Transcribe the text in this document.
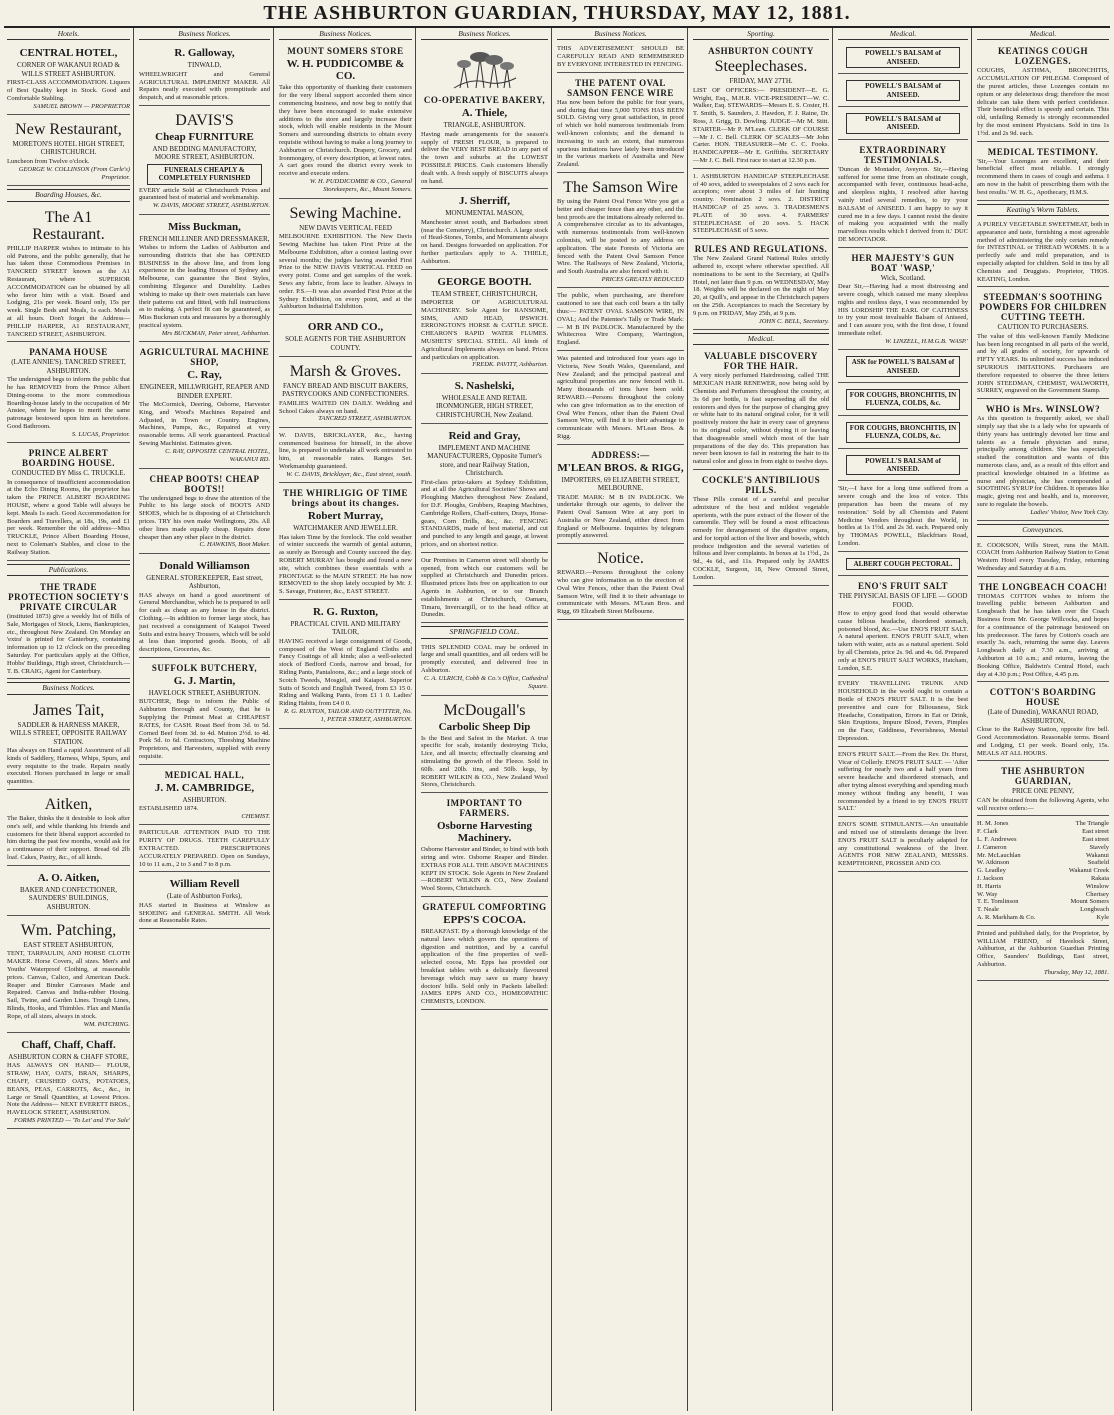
THE ASHBURTON GUARDIAN, THURSDAY, MAY 12, 1881.
Hotels.
CENTRAL HOTEL,
CORNER OF WAKANUI ROAD & WILLS STREET ASHBURTON.
FIRST-CLASS ACCOMMODATION. Liquors of Best Quality kept in Stock. Good and Comfortable Stabling.
SAMUEL BROWN — PROPRIETOR
New Restaurant,
MORETON'S HOTEL HIGH STREET, CHRISTCHURCH.
Luncheon from Twelve o'clock.
GEORGE W. COLLINSON (From Carle's) Proprietor.
Boarding Houses, &c.
The A1 Restaurant.
PHILLIP HARPER wishes to intimate to his old Patrons, and the public generally, that he has taken those Commodious Premises in TANCRED STREET known as the A1 Restaurant, where SUPERIOR ACCOMMODATION can be obtained by all who favor him with a visit. Board and Lodging, 21s per week. Board only, 15s per week. Single Beds and Meals, 1s each. Meals at all hours. Don't forget the Address— PHILLIP HARPER, A1 RESTAURANT, TANCRED STREET, ASHBURTON.
PANAMA HOUSE
(LATE ANNIE'S). TANCRED STREET, ASHBURTON.
The undersigned begs to inform the public that he has REMOVED from the Prince Albert Dining-rooms to the more commodious Boarding-house lately in the occupation of Mr Anstee, where he hopes to merit the same patronage bestowed upon him as heretofore. Good Bathroom.
S. LUCAS, Proprietor.
PRINCE ALBERT BOARDING HOUSE.
CONDUCTED BY Miss C. TRUCKLE.
In consequence of insufficient accommodation at the Echo Dining Rooms, the proprietor has taken the PRINCE ALBERT BOARDING HOUSE, where a good Table will always be kept. Meals 1s each. Good Accommodation for Boarders and Travellers, at 18s, 19s, and £1 per week. Remember the old address—Miss TRUCKLE, Prince Albert Boarding House, next to Coleman's Stables, and close to the Railway Station.
Publications.
THE TRADE PROTECTION SOCIETY'S PRIVATE CIRCULAR
(instituted 1873) give a weekly list of Bills of Sale, Mortgages of Stock, Liens, Bankruptcies, etc., throughout New Zealand. On Monday an 'extra' is printed for Canterbury, containing information up to 12 o'clock on the preceding Saturday. For particulars apply at the Office, Hobbs' Buildings, High street, Christchurch.— T. B. CRAIG, Agent for Canterbury.
Business Notices.
James Tait,
SADDLER & HARNESS MAKER, WILLS STREET, OPPOSITE RAILWAY STATION.
Has always on Hand a rapid Assortment of all kinds of Saddlery, Harness, Whips, Spurs, and every requisite to the trade. Repairs neatly executed. Horses purchased in large or small quantities.
Aitken,
The Baker, thinks the it desirable to look after one's self, and while thanking his friends and customers for their liberal support accorded to him during the past few months, would ask for a continuance of their support. Bread 6d 2lb loaf. Cakes, Pastry, &c., of all kinds.
A. O. Aitken,
BAKER AND CONFECTIONER, SAUNDERS' BUILDINGS, ASHBURTON.
Wm. Patching,
EAST STREET ASHBURTON,
TENT, TARPAULIN, AND HORSE CLOTH MAKER. Horse Covers, all sizes. Men's and Youths' Waterproof Clothing, at reasonable prices. Canvas, Calico, and American Duck. Reaper and Binder Canvases Made and Repaired. Canvas and India-rubber Hosing. Sail, Twine, and Garden Lines. Trough Lines, Blinds, Hooks, and Thimbles. Flax and Manila Rope, of all sizes, always in stock.
WM. PATCHING.
Chaff, Chaff, Chaff.
ASHBURTON CORN & CHAFF STORE,
HAS ALWAYS ON HAND— FLOUR, STRAW, HAY, OATS, BRAN, SHARPS, CHAFF, CRUSHED OATS, POTATOES, BEANS, PEAS, CARROTS, &c., &c., in Large or Small Quantities, at Lowest Prices. Note the Address— NEXT EVERETT BROS., HAVELOCK STREET, ASHBURTON.
FORMS PRINTED — 'To Let' and 'For Sale'
Business Notices.
R. Galloway,
TINWALD,
WHEELWRIGHT and General AGRICULTURAL IMPLEMENT MAKER. All Repairs neatly executed with promptitude and despatch, and at reasonable prices.
DAVIS'S
Cheap FURNITURE
AND BEDDING MANUFACTORY, MOORE STREET, ASHBURTON.
FUNERALS CHEAPLY & COMPLETELY FURNISHED
EVERY article Sold at Christchurch Prices and guaranteed best of material and workmanship.
W. DAVIS, MOORE STREET, ASHBURTON.
Miss Buckman,
FRENCH MILLINER AND DRESSMAKER,
Wishes to inform the Ladies of Ashburton and surrounding districts that she has OPENED BUSINESS in the above line, and from long experience in the leading Houses of Sydney and Melbourne, can guarantee the Best Styles, combining Elegance and Durability. Ladies wishing to make up their own materials can have their patterns cut and fitted, with full instructions as to making. A perfect fit can be guaranteed, as Miss Buckman cuts and measures by a thoroughly practical system.
Mrs BUCKMAN, Peter street, Ashburton.
AGRICULTURAL MACHINE SHOP,
C. Ray,
ENGINEER, MILLWRIGHT, REAPER AND BINDER EXPERT.
The McCormick, Deering, Osborne, Harvester King, and Wood's Machines Repaired and Adjusted, in Town or Country. Engines, Machines, Pumps, &c., Repaired at very reasonable terms. All work guaranteed. Practical Sewing Machinist. Estimates given.
C. RAY, OPPOSITE CENTRAL HOTEL, WAKANUI RD.
CHEAP BOOTS! CHEAP BOOTS!!
The undersigned begs to draw the attention of the Public to his large stock of BOOTS AND SHOES, which he is disposing of at Christchurch prices. TRY his own make Wellingtons, 20s. All other lines made equally cheap. Repairs done cheaper than any other place in the district.
C. HAWKINS, Boot Maker.
Donald Williamson
GENERAL STOREKEEPER, East street, Ashburton,
HAS always on hand a good assortment of General Merchandise, which he is prepared to sell for cash as cheap as any house in the district. Clothing.—In addition to former large stock, has just received a consignment of Kaiapoi Tweed Suits and extra heavy Trousers, which will be sold at less than imported goods. Boots, of all descriptions, Groceries, &c.
SUFFOLK BUTCHERY,
G. J. Martin,
HAVELOCK STREET, ASHBURTON.
BUTCHER, Begs to inform the Public of Ashburton Borough and County, that he is Supplying the Primest Meat at CHEAPEST RATES, for CASH. Roast Beef from 3d. to 5d. Corned Beef from 3d. to 4d. Mutton 2½d. to 4d. Pork 5d. to 6d. Contractors, Threshing Machine Proprietors, and Harvesters, supplied with every requisite.
MEDICAL HALL,
J. M. CAMBRIDGE,
ASHBURTON.
ESTABLISHED 1874.
CHEMIST.
PARTICULAR ATTENTION PAID TO THE PURITY OF DRUGS. TEETH CAREFULLY EXTRACTED. PRESCRIPTIONS ACCURATELY PREPARED. Open on Sundays, 10 to 11 a.m., 2 to 3 and 7 to 8 p.m.
William Revell
(Late of Ashburton Forks),
HAS started in Business at Winslow as SHOEING and GENERAL SMITH. All Work done at Reasonable Rates.
Business Notices.
MOUNT SOMERS STORE
W. H. PUDDICOMBE & CO.
Take this opportunity of thanking their customers for the very liberal support accorded them since commencing business, and now beg to notify that they have been encouraged to make extensive additions to the store and largely increase their stock, which will enable residents in the Mount Somers and surrounding districts to obtain every requisite without having to make a long journey to Ashburton or Christchurch. Drapery, Grocery, and Ironmongery, of every description, at lowest rates. A cart goes round the district every week to receive and execute orders.
W. H. PUDDICOMBE & CO., General Storekeepers, &c., Mount Somers.
Sewing Machine.
NEW DAVIS VERTICAL FEED
MELBOURNE EXHIBITION. The New Davis Sewing Machine has taken First Prize at the Melbourne Exhibition, after a contest lasting over several months; the judges having awarded First Prize to the NEW DAVIS VERTICAL FEED on every point. Come and get samples of the work. Sews any fabric, from lace to leather. Always in order. P.S.—It was also awarded First Prize at the Sydney Exhibition, on every point, and at the Ashburton Industrial Exhibition.
ORR AND CO.,
SOLE AGENTS FOR THE ASHBURTON COUNTY.
Marsh & Groves.
FANCY BREAD AND BISCUIT BAKERS, PASTRYCOOKS AND CONFECTIONERS.
FAMILIES WAITED ON DAILY. Wedding and School Cakes always on hand.
TANCRED STREET, ASHBURTON.
W. DAVIS, BRICKLAYER, &c., having commenced business for himself, in the above line, is prepared to undertake all work entrusted to him, at reasonable rates. Ranges Set. Workmanship guaranteed.
W. C. DAVIS, Bricklayer, &c., East street, south.
THE WHIRLIGIG OF TIME brings about its changes.
Robert Murray,
WATCHMAKER AND JEWELLER.
Has taken Time by the forelock. The cold weather of winter succeeds the warmth of genial autumn, as surely as Borough and County succeed the day. ROBERT MURRAY has bought and found a new site, which combines these essentials with a FRONTAGE to the MAIN STREET. He has now REMOVED to the shop lately occupied by Mr. J. S. Savage, Fruiterer, &c., EAST STREET.
R. G. Ruxton,
PRACTICAL CIVIL AND MILITARY TAILOR,
HAVING received a large consignment of Goods, composed of the West of England Cloths and Fancy Coatings of all kinds; also a well-selected stock of Bedford Cords, narrow and broad, for Riding Pants, Pantaloons, &c.; and a large stock of Scotch Tweeds, Mosgiel, and Kaiapoi. Superior Suits of Scotch and English Tweed, from £3 15 0. Riding and Walking Pants, from £1 1 0. Ladies' Riding Habits, from £4 0 0.
R. G. RUXTON, TAILOR AND OUTFITTER, No. 1, PETER STREET, ASHBURTON.
Business Notices.
CO-OPERATIVE BAKERY,
A. Thiele,
TRIANGLE, ASHBURTON.
Having made arrangements for the season's supply of FRESH FLOUR, is prepared to deliver the VERY BEST BREAD in any part of the town and suburbs at the LOWEST POSSIBLE PRICES. Cash customers liberally dealt with. A fresh supply of BISCUITS always on hand.
J. Sherriff,
MONUMENTAL MASON,
Manchester street south, and Barbadoes street (near the Cemetery), Christchurch. A large stock of Head-Stones, Tombs, and Monuments always on hand. Designs forwarded on application. For further particulars apply to A. THIELE, Ashburton.
GEORGE BOOTH.
TEAM STREET, CHRISTCHURCH,
IMPORTER OF AGRICULTURAL MACHINERY. Sole Agent for RANSOME, SIMS, AND HEAD, IPSWICH. ERRONGTON'S HORSE & CATTLE SPICE. CHEARON'S RAPID WATER FLUMES. MUSHETS' SPECIAL STEEL. All kinds of Agricultural Implements always on hand. Prices and particulars on application.
FREDK. PAVITT, Ashburton.
S. Nashelski,
WHOLESALE AND RETAIL IRONMONGER, HIGH STREET, CHRISTCHURCH, New Zealand.
Reid and Gray,
IMPLEMENT AND MACHINE MANUFACTURERS, Opposite Turner's store, and near Railway Station, Christchurch.
First-class prize-takers at Sydney Exhibition, and at all the Agricultural Societies' Shows and Ploughing Matches throughout New Zealand, for D.F. Ploughs, Grubbers, Reaping Machines, Cambridge Rollers, Chaff-cutters, Drays, Horse-gears, Corn Drills, &c., &c. FENCING STANDARDS, made of best material, and cut and punched to any length and gauge, at lowest prices, and on shortest notice.
Our Premises in Cameron street will shortly be opened, from which our customers will be supplied at Christchurch and Dunedin prices. Illustrated prices lists free on application to our Agents in Ashburton, or to our Branch establishments at Christchurch, Oamaru, Timaru, Invercargill, or to the head office at Dunedin.
SPRINGFIELD COAL.
THIS SPLENDID COAL may be ordered in large and small quantities, and all orders will be promptly executed, and delivered free in Ashburton.
C. A. ULRICH, Cobb & Co.'s Office, Cathedral Square.
McDougall's
Carbolic Sheep Dip
Is the Best and Safest in the Market. A true specific for scab, instantly destroying Ticks, Lice, and all insects; effectually cleansing and stimulating the growth of the Fleece. Sold in 60lb. and 20lb. tins, and 50lb. kegs, by ROBERT WILKIN & CO., New Zealand Wool Stores, Christchurch.
IMPORTANT TO FARMERS.
Osborne Harvesting Machinery.
Osborne Harvester and Binder, to bind with both string and wire. Osborne Reaper and Binder. EXTRAS FOR ALL THE ABOVE MACHINES KEPT IN STOCK. Sole Agents in New Zealand—ROBERT WILKIN & CO., New Zealand Wool Stores, Christchurch.
GRATEFUL COMFORTING
EPPS'S COCOA.
BREAKFAST. By a thorough knowledge of the natural laws which govern the operations of digestion and nutrition, and by a careful application of the fine properties of well-selected cocoa, Mr. Epps has provided our breakfast tables with a delicately flavoured beverage which may save us many heavy doctors' bills. Sold only in Packets labelled: JAMES EPPS AND CO., HOMEOPATHIC CHEMISTS, LONDON.
Business Notices.
THIS ADVERTISEMENT SHOULD BE CAREFULLY READ AND REMEMBERED BY EVERYONE INTERESTED IN FENCING.
THE PATENT OVAL SAMSON FENCE WIRE
Has now been before the public for four years, and during that time 5,000 TONS HAS BEEN SOLD. Giving very great satisfaction, in proof of which we hold numerous testimonials from well-known colonists; and the demand is increasing to such an extent, that numerous spurious imitations have lately been introduced in the various markets of Australia and New Zealand.
The Samson Wire
By using the Patent Oval Fence Wire you get a better and cheaper fence than any other, and the best proofs are the imitations already referred to. A comprehensive circular as to its advantages, with numerous testimonials from well-known colonists, will be posted to any address on application. The state Forests of Victoria are fenced with the Patent Oval Samson Fence Wire. The Railways of New Zealand, Victoria, and South Australia are also fenced with it.
PRICES GREATLY REDUCED
The public, when purchasing, are therefore cautioned to see that each coil bears a tin tally thus:— PATENT OVAL SAMSON WIRE, IN OVAL; And the Patentee's Tally or Trade Mark:— M B IN PADLOCK. Manufactured by the Whitecross Wire Company, Warrington, England.
Was patented and introduced four years ago in Victoria, New South Wales, Queensland, and New Zealand; and the principal pastoral and agricultural properties are now fenced with it. Many thousands of tons have been sold. REWARD.—Persons throughout the colony who can give information as to the erection of Oval Wire Fences, other than the Patent Oval Samson Wire, will find it to their advantage to communicate with Messrs. M'Lean Bros. & Rigg.
ADDRESS:—
M'LEAN BROS. & RIGG,
IMPORTERS, 69 ELIZABETH STREET, MELBOURNE.
TRADE MARK: M B IN PADLOCK. We undertake through our agents, to deliver the Patent Oval Samson Wire at any port in Australia or New Zealand, either direct from England or Melbourne. Inquiries by telegram promptly answered.
Notice.
REWARD.—Persons throughout the colony who can give information as to the erection of Oval Wire Fences, other than the Patent Oval Samson Wire, will find it to their advantage to communicate with Messrs. M'Lean Bros. and Rigg, 69 Elizabeth Street Melbourne.
Sporting.
ASHBURTON COUNTY
Steeplechases.
FRIDAY, MAY 27TH.
LIST OF OFFICERS:— PRESIDENT—E. G. Wright, Esq., M.H.R. VICE-PRESIDENT—W. C. Walker, Esq. STEWARDS—Messrs E. S. Coster, H. T. Smith, S. Saunders, J. Hawdon, F. J. Raine, Dr. Ross, J. Grigg, D. Dowling. JUDGE—Mr M. Stitt. STARTER—Mr P. M'Lean. CLERK OF COURSE—Mr J. C. Bell. CLERK OF SCALES—Mr John Carter. HON. TREASURER—Mr C. C. Fooks. HANDICAPPER—Mr E. Griffiths. SECRETARY—Mr J. C. Bell. First race to start at 12.30 p.m.
1. ASHBURTON HANDICAP STEEPLECHASE of 40 sovs, added to sweepstakes of 2 sovs each for acceptors; over about 3 miles of fair hunting country. Nomination 2 sovs. 2. DISTRICT HANDICAP of 25 sovs. 3. TRADESMEN'S PLATE of 30 sovs. 4. FARMERS' STEEPLECHASE of 20 sovs. 5. HACK STEEPLECHASE of 5 sovs.
RULES AND REGULATIONS.
The New Zealand Grand National Rules strictly adhered to, except where otherwise specified. All nominations to be sent to the Secretary, at Quill's Hotel, not later than 9 p.m. on WEDNESDAY, May 18. Weights will be declared on the night of May 20, at Quill's, and appear in the Christchurch papers on the 25th. Acceptances to reach the Secretary by 9 p.m. on FRIDAY, May 25th, at 9 p.m.
JOHN C. BELL, Secretary.
Medical.
VALUABLE DISCOVERY FOR THE HAIR.
A very nicely perfumed Hairdressing, called THE MEXICAN HAIR RENEWER, now being sold by Chemists and Perfumers throughout the country, at 3s 6d per bottle, is fast superseding all the old restorers and dyes for the purpose of changing grey or white hair to its natural original color, for it will positively restore the hair in every case of greyness to its original color, without dyeing it or leaving that disagreeable smell which most of the hair preparations of the day do. This preparation has never been known to fail in restoring the hair to its natural color and gloss in from eight to twelve days.
COCKLE'S ANTIBILIOUS PILLS.
These Pills consist of a careful and peculiar admixture of the best and mildest vegetable aperients, with the pure extract of the flower of the camomile. They will be found a most efficacious remedy for derangement of the digestive organs, and for torpid action of the liver and bowels, which produce indigestion and the several varieties of bilious and liver complaints. In boxes at 1s 1½d., 2s 9d., 4s 6d., and 11s. Prepared only by JAMES COCKLE, Surgeon, 18, New Ormond Street, London.
Medical.
POWELL'S BALSAM of ANISEED.
POWELL'S BALSAM of ANISEED.
POWELL'S BALSAM of ANISEED.
EXTRAORDINARY TESTIMONIALS.
'Duncan de Montador, Aveyron. Sir,—Having suffered for some time from an obstinate cough, accompanied with fever, continuous head-ache, and sleepless nights, I resolved after having vainly tried several remedies, to try your BALSAM of ANISEED. I am happy to say it cured me in a few days. I cannot resist the desire of making you acquainted with the really marvellous results which I derived from it.' DUC DE MONTADOR.
HER MAJESTY'S GUN BOAT 'WASP,'
Wick, Scotland.
Dear Sir,—Having had a most distressing and severe cough, which caused me many sleepless nights and restless days, I was recommended by HIS LORDSHIP THE EARL OF CAITHNESS to try your most invaluable Balsam of Aniseed, and I can assure you, with the first dose, I found immediate relief.
W. LINZELL, H.M.G.B. 'WASP.'
ASK for POWELL'S BALSAM of ANISEED.
FOR COUGHS, BRONCHITIS, IN FLUENZA, COLDS, &c.
FOR COUGHS, BRONCHITIS, IN FLUENZA, COLDS, &c.
POWELL'S BALSAM of ANISEED.
'Sir,—I have for a long time suffered from a severe cough and the loss of voice. This preparation has been the means of my restoration.' Sold by all Chemists and Patent Medicine Vendors throughout the World, in bottles at 1s 1½d. and 2s 3d. each. Prepared only by THOMAS POWELL, Blackfriars Road, London.
ALBERT COUGH PECTORAL.
ENO'S FRUIT SALT
THE PHYSICAL BASIS OF LIFE — GOOD FOOD.
How to enjoy good food that would otherwise cause bilious headache, disordered stomach, poisoned blood, &c.—Use ENO'S FRUIT SALT. A natural aperient. ENO'S FRUIT SALT, when taken with water, acts as a natural aperient. Sold by all Chemists, price 2s. 9d. and 4s. 6d. Prepared only at ENO'S FRUIT SALT WORKS, Hatcham, London, S.E.
EVERY TRAVELLING TRUNK AND HOUSEHOLD in the world ought to contain a Bottle of ENO'S FRUIT SALT. It is the best preventive and cure for Biliousness, Sick Headache, Constipation, Errors in Eat or Drink, Skin Eruptions, Impure Blood, Fevers, Pimples on the Face, Giddiness, Feverishness, Mental Depression.
ENO'S FRUIT SALT.—From the Rev. Dr. Hurst, Vicar of Collerly. ENO'S FRUIT SALT. — 'After suffering for nearly two and a half years from severe headache and disordered stomach, and after trying almost everything and spending much money without finding any benefit, I was recommended by a friend to try ENO'S FRUIT SALT.'
ENO'S SOME STIMULANTS.—An unsuitable and mixed use of stimulants derange the liver. ENO'S FRUIT SALT is peculiarly adapted for any constitutional weakness of the liver. AGENTS FOR NEW ZEALAND, MESSRS. KEMPTHORNE, PROSSER AND CO.
Medical.
KEATINGS COUGH LOZENGES.
COUGHS, ASTHMA, BRONCHITIS, ACCUMULATION OF PHLEGM. Composed of the purest articles, these Lozenges contain no opium or any deleterious drug; therefore the most delicate can take them with perfect confidence. Their beneficial effect is speedy and certain. This old, unfailing Remedy is strongly recommended by the most eminent Physicians. Sold in tins 1s 1½d. and 2s 9d. each.
MEDICAL TESTIMONY.
'Sir,—Your Lozenges are excellent, and their beneficial effect most reliable. I strongly recommend them in cases of cough and asthma. I am now in the habit of prescribing them with the best results.' W. H. G., Apothecary, H.M.S.
Keating's Worm Tablets.
A PURELY VEGETABLE SWEETMEAT, both in appearance and taste, furnishing a most agreeable method of administering the only certain remedy for INTESTINAL or THREAD WORMS. It is a perfectly safe and mild preparation, and is especially adapted for children. Sold in tins by all Chemists and Druggists. Proprietor, THOS. KEATING, London.
STEEDMAN'S SOOTHING POWDERS FOR CHILDREN CUTTING TEETH.
CAUTION TO PURCHASERS.
The value of this well-known Family Medicine has been long recognised in all parts of the world, and by all grades of society, for upwards of FIFTY YEARS. Its unlimited success has induced SPURIOUS IMITATIONS. Purchasers are therefore requested to observe the three letters JOHN STEEDMAN, CHEMIST, WALWORTH, SURREY, engraved on the Government Stamp.
WHO is Mrs. WINSLOW?
As this question is frequently asked, we shall simply say that she is a lady who for upwards of thirty years has untiringly devoted her time and talents as a female physician and nurse, principally among children. She has especially studied the constitution and wants of this numerous class, and, as a result of this effort and practical knowledge obtained in a lifetime as nurse and physician, she has compounded a SOOTHING SYRUP for Children. It operates like magic, giving rest and health, and is, moreover, sure to regulate the bowels.
Ladies' Visitor, New York City.
Conveyances.
E. COOKSON, Wills Street, runs the MAIL COACH from Ashburton Railway Station to Great Western Hotel every Tuesday, Friday, returning Wednesday and Saturday at 8 a.m.
THE LONGBEACH COACH!
THOMAS COTTON wishes to inform the travelling public between Ashburton and Longbeach that he has taken over the Coach Business from Mr. George Willcocks, and hopes for a continuance of the patronage bestowed on his predecessor. The fares by Cotton's coach are exactly 3s. each, returning the same day. Leaves Longbeach daily at 7.30 a.m., arriving at Ashburton at 10 a.m.; and returns, leaving the Booking Office, Baldwin's Central Hotel, each day at 4.30 p.m.; Post Office, 4.45 p.m.
COTTON'S BOARDING HOUSE
(Late of Dunedin), WAKANUI ROAD, ASHBURTON,
Close to the Railway Station, opposite fire bell. Good Accommodation. Reasonable terms. Board and Lodging, £1 per week. Board only, 15s. MEALS AT ALL HOURS.
THE ASHBURTON GUARDIAN,
PRICE ONE PENNY,
CAN be obtained from the following Agents, who will receive orders:—
H. M. Jones	The Triangle
F. Clark	East street
L. F. Andrewes	East street
J. Cameron	Stavely
Mr. McLauchlan	Wakanui
W. Atkinson	Seafield
G. Leadley	Wakanui Creek
J. Jackson	Rakaia
H. Harris	Winslow
W. Way	Chertsey
T. E. Tomlinson	Mount Somers
T. Neale	Longbeach
A. R. Markham & Co.	Kyle
Printed and published daily, for the Proprietor, by WILLIAM FRIEND, of Havelock Street, Ashburton, at the Ashburton Guardian Printing Office, Saunders' Buildings, East street, Ashburton.
Thursday, May 12, 1881.
